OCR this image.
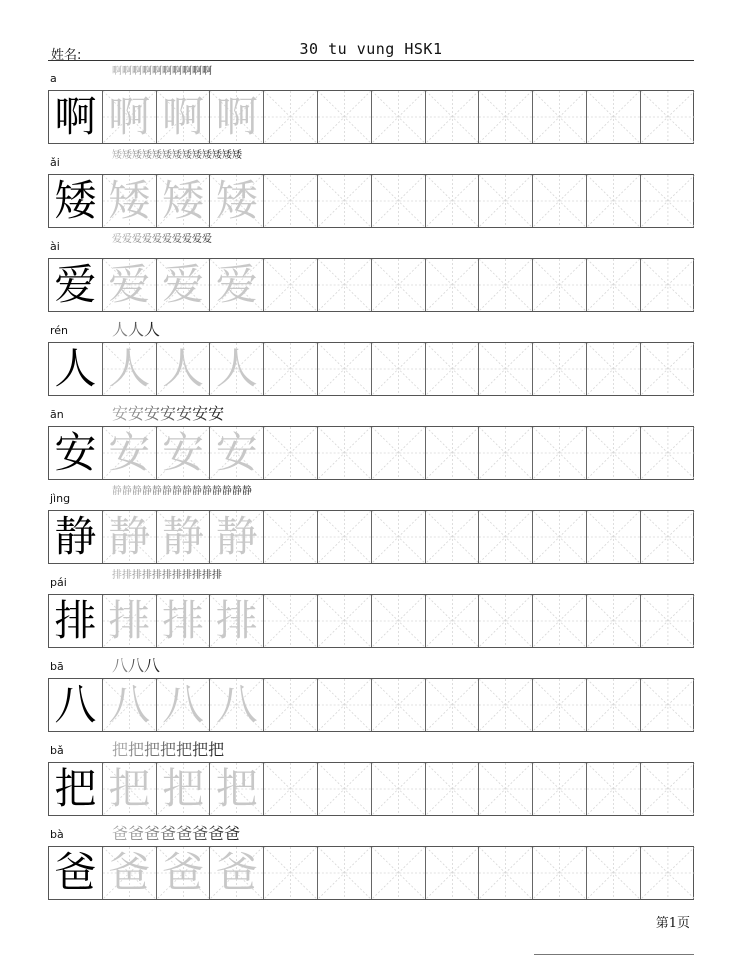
姓名:	30 tu vung HSK1
a
啊啊啊啊啊啊啊啊啊啊
啊 啊 啊 啊
ǎi
矮矮矮矮矮矮矮矮矮矮矮矮矮
矮 矮 矮 矮
ài
爱爱爱爱爱爱爱爱爱爱
爱 爱 爱 爱
rén	人人人
人 人 人 人
ān	安安安安安安安
安 安 安 安
jìng
静静静静静静静静静静静静静静
静 静 静 静
pái
排排排排排排排排排排排
排 排 排 排
bā	八八八
八 八 八 八
bǎ	把把把把把把把
把 把 把 把
bà	爸爸爸爸爸爸爸爸
爸 爸 爸 爸
第1页
